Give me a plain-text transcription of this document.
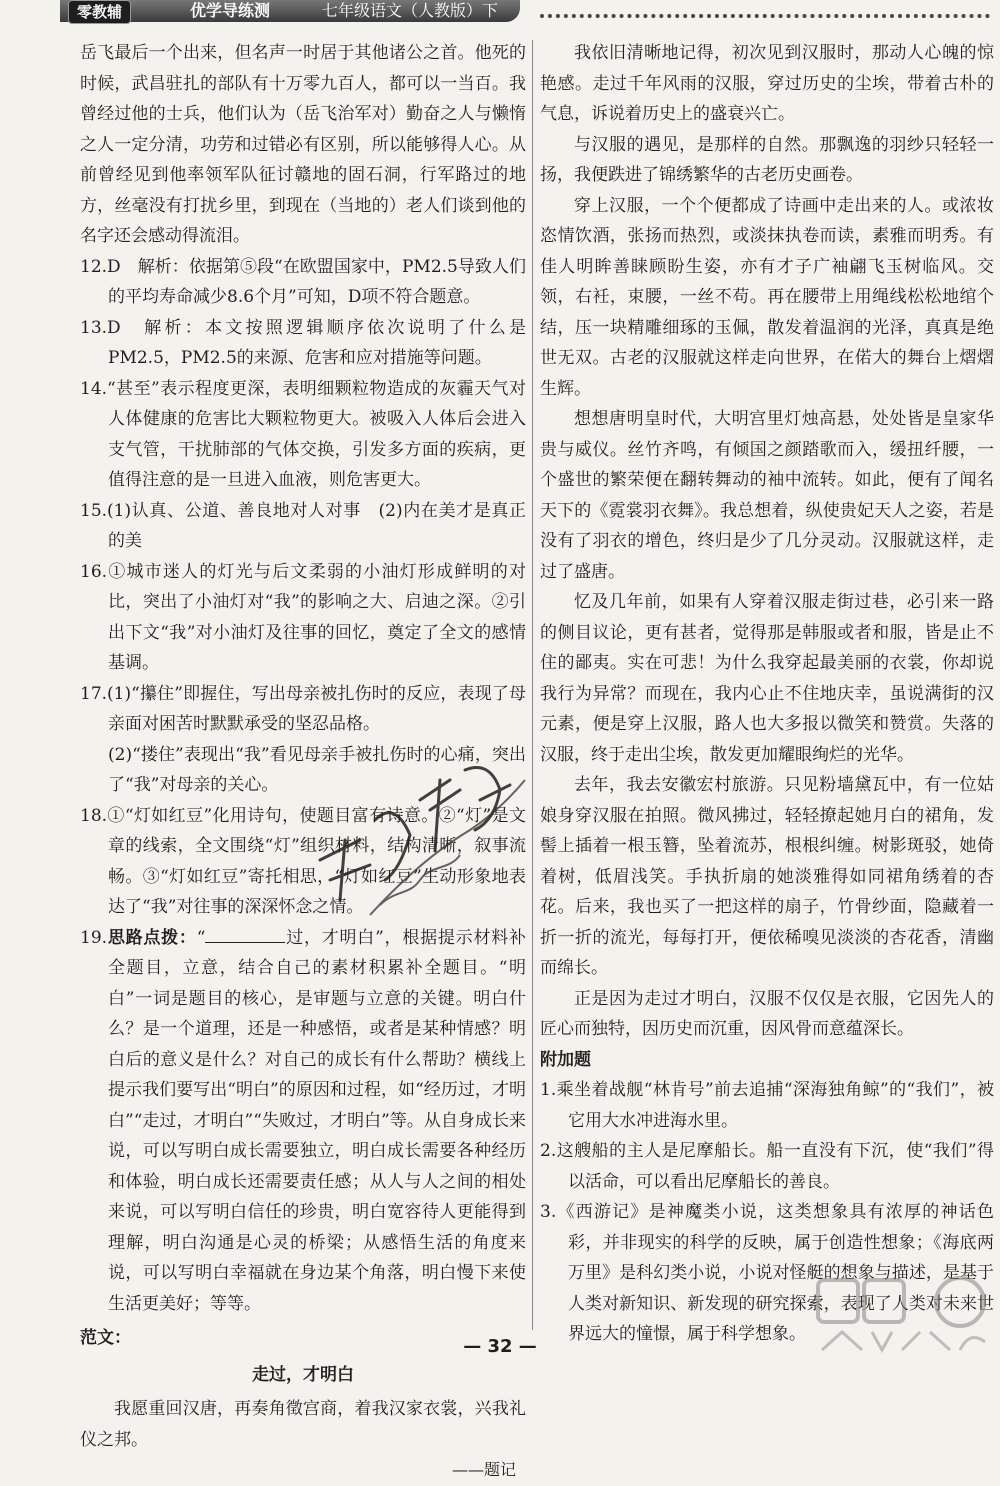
零教辅	优学导练测	七年级语文（人教版）下

岳飞最后一个出来，但名声一时居于其他诸公之首。他死的时候，武昌驻扎的部队有十万零九百人，都可以一当百。我曾经过他的士兵，他们认为（岳飞治军对）勤奋之人与懒惰之人一定分清，功劳和过错必有区别，所以能够得人心。从前曾经见到他率领军队征讨赣地的固石洞，行军路过的地方，丝毫没有打扰乡里，到现在（当地的）老人们谈到他的名字还会感动得流泪。

12.D　解析：依据第⑤段“在欧盟国家中，PM2.5导致人们的平均寿命减少8.6个月”可知，D项不符合题意。

13.D　解析：本文按照逻辑顺序依次说明了什么是PM2.5，PM2.5的来源、危害和应对措施等问题。

14.“甚至”表示程度更深，表明细颗粒物造成的灰霾天气对人体健康的危害比大颗粒物更大。被吸入人体后会进入支气管，干扰肺部的气体交换，引发多方面的疾病，更值得注意的是一旦进入血液，则危害更大。

15.(1)认真、公道、善良地对人对事　(2)内在美才是真正的美

16.①城市迷人的灯光与后文柔弱的小油灯形成鲜明的对比，突出了小油灯对“我”的影响之大、启迪之深。②引出下文“我”对小油灯及往事的回忆，奠定了全文的感情基调。

17.(1)“攥住”即握住，写出母亲被扎伤时的反应，表现了母亲面对困苦时默默承受的坚忍品格。

(2)“搂住”表现出“我”看见母亲手被扎伤时的心痛，突出了“我”对母亲的关心。

18.①“灯如红豆”化用诗句，使题目富有诗意。②“灯”是文章的线索，全文围绕“灯”组织材料，结构清晰，叙事流畅。③“灯如红豆”寄托相思，“灯如红豆”生动形象地表达了“我”对往事的深深怀念之情。

19.思路点拨：“	过，才明白”，根据提示材料补全题目，立意，结合自己的素材积累补全题目。“明白”一词是题目的核心，是审题与立意的关键。明白什么？是一个道理，还是一种感悟，或者是某种情感？明白后的意义是什么？对自己的成长有什么帮助？横线上提示我们要写出“明白”的原因和过程，如“经历过，才明白”“走过，才明白”“失败过，才明白”等。从自身成长来说，可以写明白成长需要独立，明白成长需要各种经历和体验，明白成长还需要责任感；从人与人之间的相处来说，可以写明白信任的珍贵，明白宽容待人更能得到理解，明白沟通是心灵的桥梁；从感悟生活的角度来说，可以写明白幸福就在身边某个角落，明白慢下来使生活更美好；等等。

范文：

走过，才明白

我愿重回汉唐，再奏角徵宫商，着我汉家衣裳，兴我礼仪之邦。

——题记

我依旧清晰地记得，初次见到汉服时，那动人心魄的惊艳感。走过千年风雨的汉服，穿过历史的尘埃，带着古朴的气息，诉说着历史上的盛衰兴亡。

与汉服的遇见，是那样的自然。那飘逸的羽纱只轻轻一扬，我便跌进了锦绣繁华的古老历史画卷。

穿上汉服，一个个便都成了诗画中走出来的人。或浓妆恣情饮酒，张扬而热烈，或淡抹执卷而读，素雅而明秀。有佳人明眸善睐顾盼生姿，亦有才子广袖翩飞玉树临风。交领，右衽，束腰，一丝不苟。再在腰带上用绳线松松地绾个结，压一块精雕细琢的玉佩，散发着温润的光泽，真真是绝世无双。古老的汉服就这样走向世界，在偌大的舞台上熠熠生辉。

想想唐明皇时代，大明宫里灯烛高悬，处处皆是皇家华贵与威仪。丝竹齐鸣，有倾国之颜踏歌而入，缓扭纤腰，一个盛世的繁荣便在翻转舞动的袖中流转。如此，便有了闻名天下的《霓裳羽衣舞》。我总想着，纵使贵妃天人之姿，若是没有了羽衣的增色，终归是少了几分灵动。汉服就这样，走过了盛唐。

忆及几年前，如果有人穿着汉服走街过巷，必引来一路的侧目议论，更有甚者，觉得那是韩服或者和服，皆是止不住的鄙夷。实在可悲！为什么我穿起最美丽的衣裳，你却说我行为异常？而现在，我内心止不住地庆幸，虽说满街的汉元素，便是穿上汉服，路人也大多报以微笑和赞赏。失落的汉服，终于走出尘埃，散发更加耀眼绚烂的光华。

去年，我去安徽宏村旅游。只见粉墙黛瓦中，有一位姑娘身穿汉服在拍照。微风拂过，轻轻撩起她月白的裙角，发髻上插着一根玉簪，坠着流苏，根根纠缠。树影斑驳，她倚着树，低眉浅笑。手执折扇的她淡雅得如同裙角绣着的杏花。后来，我也买了一把这样的扇子，竹骨纱面，隐藏着一折一折的流光，每每打开，便依稀嗅见淡淡的杏花香，清幽而绵长。

正是因为走过才明白，汉服不仅仅是衣服，它因先人的匠心而独特，因历史而沉重，因风骨而意蕴深长。

附加题

1.乘坐着战舰“林肯号”前去追捕“深海独角鲸”的“我们”，被它用大水冲进海水里。

2.这艘船的主人是尼摩船长。船一直没有下沉，使“我们”得以活命，可以看出尼摩船长的善良。

3.《西游记》是神魔类小说，这类想象具有浓厚的神话色彩，并非现实的科学的反映，属于创造性想象；《海底两万里》是科幻类小说，小说对怪艇的想象与描述，是基于人类对新知识、新发现的研究探索，表现了人类对未来世界远大的憧憬，属于科学想象。

— 32 —
